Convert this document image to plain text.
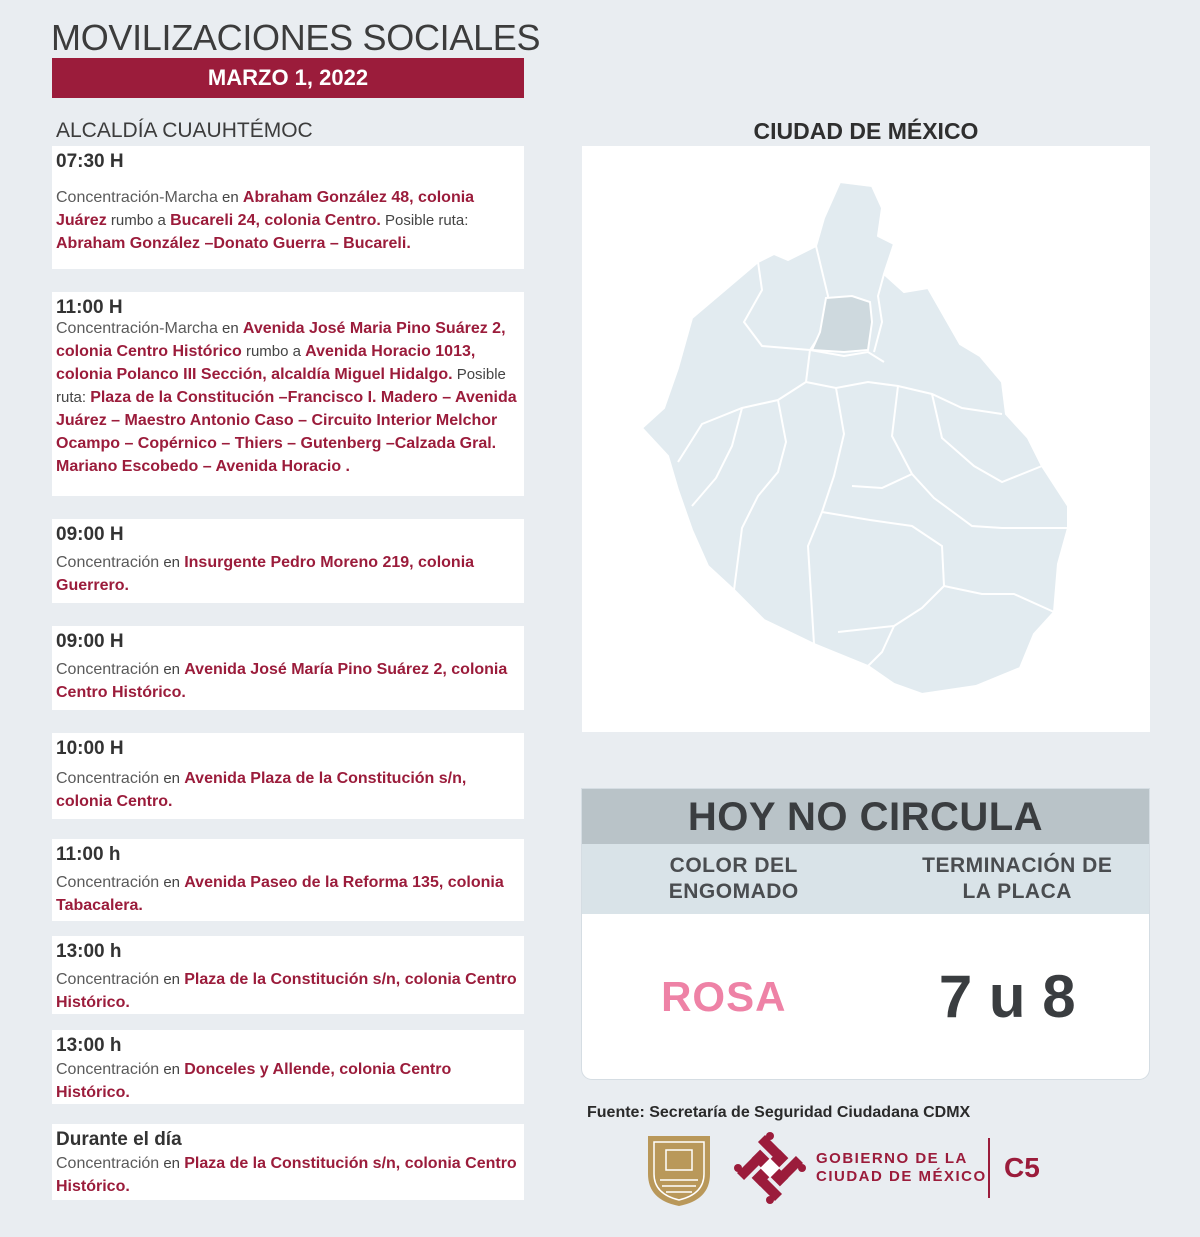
MOVILIZACIONES SOCIALES
MARZO 1, 2022
ALCALDÍA CUAUHTÉMOC
07:30 H
Concentración-Marcha en Abraham González 48, colonia Juárez rumbo a Bucareli 24, colonia Centro. Posible ruta: Abraham González –Donato Guerra – Bucareli.
11:00 H
Concentración-Marcha en Avenida José Maria Pino Suárez 2, colonia Centro Histórico rumbo a Avenida Horacio 1013, colonia Polanco III Sección, alcaldía Miguel Hidalgo. Posible ruta: Plaza de la Constitución –Francisco I. Madero – Avenida Juárez – Maestro Antonio Caso – Circuito Interior Melchor Ocampo – Copérnico – Thiers – Gutenberg –Calzada Gral. Mariano Escobedo – Avenida Horacio .
09:00 H
Concentración en Insurgente Pedro Moreno 219, colonia Guerrero.
09:00 H
Concentración en Avenida José María Pino Suárez 2, colonia Centro Histórico.
10:00 H
Concentración en Avenida Plaza de la Constitución s/n, colonia Centro.
11:00 h
Concentración en Avenida Paseo de la Reforma 135, colonia Tabacalera.
13:00 h
Concentración en Plaza de la Constitución s/n, colonia Centro Histórico.
13:00 h
Concentración en Donceles y Allende, colonia Centro Histórico.
Durante el día
Concentración en Plaza de la Constitución s/n, colonia Centro Histórico.
CIUDAD DE MÉXICO
HOY NO CIRCULA
COLOR DEL ENGOMADO
TERMINACIÓN DE LA PLACA
ROSA	7 u 8
Fuente: Secretaría de Seguridad Ciudadana CDMX
GOBIERNO DE LA
CIUDAD DE MÉXICO C5
